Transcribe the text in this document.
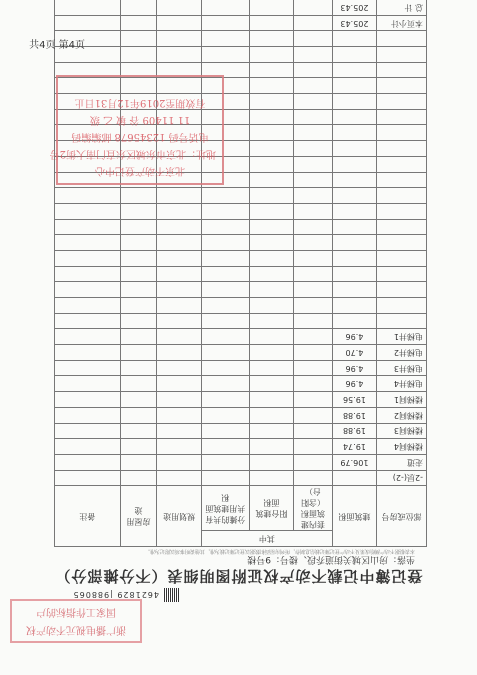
浙广播电视元不动产权
国家工作指标的户
4621829 |988065
登记簿中记载不动产权证附图明细表（不分摊部分）
坐落：房山区城关街道乔段、楼号：9号楼
本表根据不动产测绘成果及不动产登记簿记载信息制作，所列房屋面积数据以登记簿记载为准，其他说明事项以附记为准。
部位或房号	建筑面积	其中			规划用途	房屋用途	备注
		套内建筑面积（含阳台）	阳台建筑面积	分摊的共有共用建筑面积			
-2层(-2)							
走道	106.79						
楼梯间4	19.74						
楼梯间3	19.88						
楼梯间2	19.88						
楼梯间1	19.56						
电梯井4	4.96						
电梯井3	4.96						
电梯井2	4.70						
电梯井1	4.96						

本页小计	205.43						
总 计	205.43						
北京不动产登记中心
地址：北京市东城区东直门南大街2号
电话号码 12345678 邮编编码
11 11409 谷 敏 乙 级
有效期至2019年12月31日止
共4页 第4页
